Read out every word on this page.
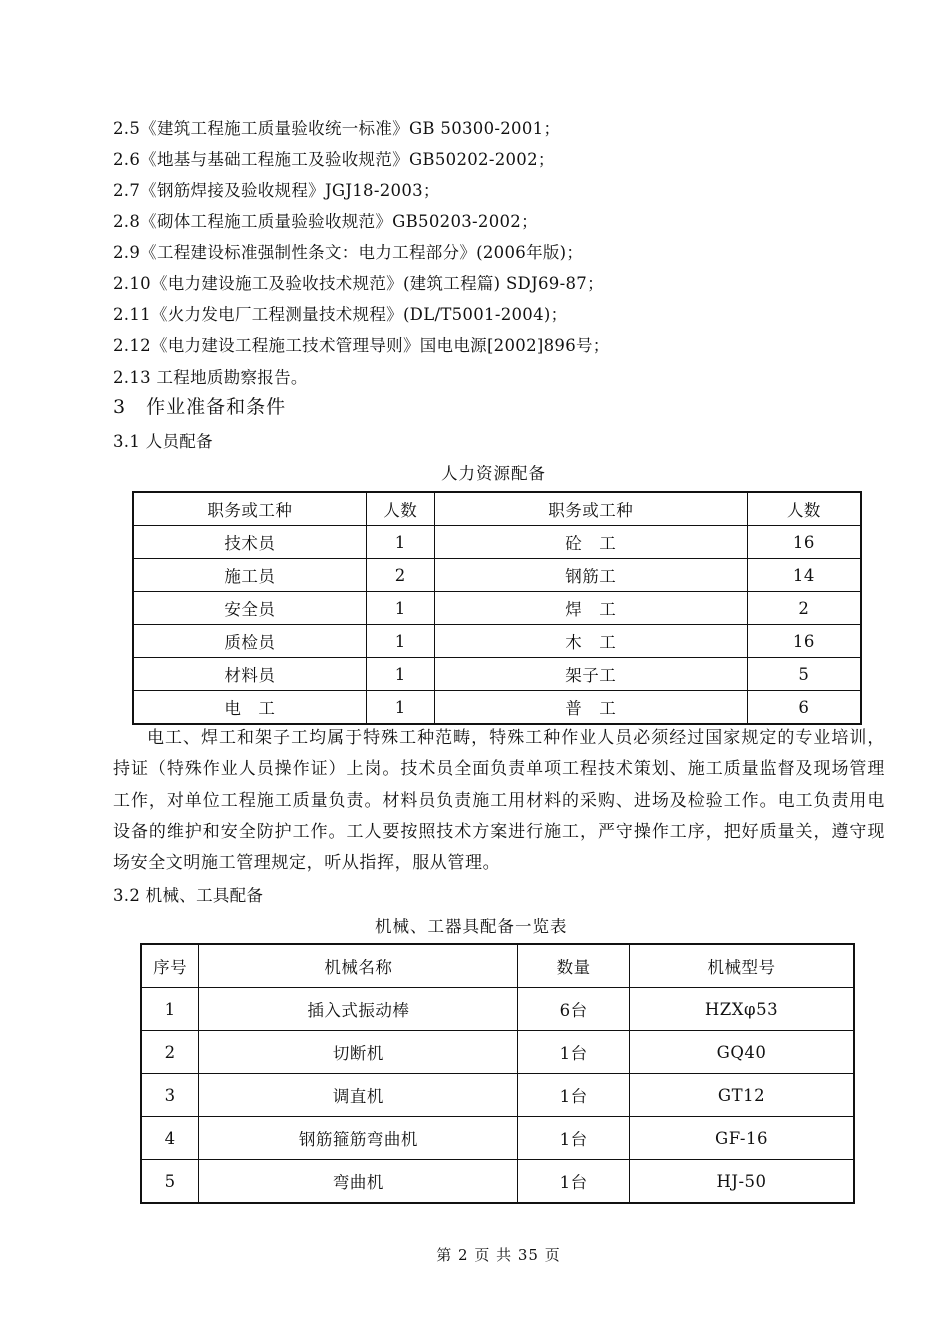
2.5《建筑工程施工质量验收统一标准》GB 50300-2001；
2.6《地基与基础工程施工及验收规范》GB50202-2002；
2.7《钢筋焊接及验收规程》JGJ18-2003；
2.8《砌体工程施工质量验验收规范》GB50203-2002；
2.9《工程建设标准强制性条文：电力工程部分》(2006年版)；
2.10《电力建设施工及验收技术规范》(建筑工程篇) SDJ69-87；
2.11《火力发电厂工程测量技术规程》(DL/T5001-2004)；
2.12《电力建设工程施工技术管理导则》国电电源[2002]896号；
2.13 工程地质勘察报告。
3　作业准备和条件
3.1 人员配备
人力资源配备
职务或工种	人数	职务或工种	人数
技术员	1	砼　工	16
施工员	2	钢筋工	14
安全员	1	焊　工	2
质检员	1	木　工	16
材料员	1	架子工	5
电　工	1	普　工	6
电工、焊工和架子工均属于特殊工种范畴，特殊工种作业人员必须经过国家规定的专业培训，持证（特殊作业人员操作证）上岗。技术员全面负责单项工程技术策划、施工质量监督及现场管理工作，对单位工程施工质量负责。材料员负责施工用材料的采购、进场及检验工作。电工负责用电设备的维护和安全防护工作。工人要按照技术方案进行施工，严守操作工序，把好质量关，遵守现场安全文明施工管理规定，听从指挥，服从管理。
3.2 机械、工具配备
机械、工器具配备一览表
序号	机械名称	数量	机械型号
1	插入式振动棒	6台	HZXφ53
2	切断机	1台	GQ40
3	调直机	1台	GT12
4	钢筋箍筋弯曲机	1台	GF-16
5	弯曲机	1台	HJ-50
第 2 页 共 35 页
